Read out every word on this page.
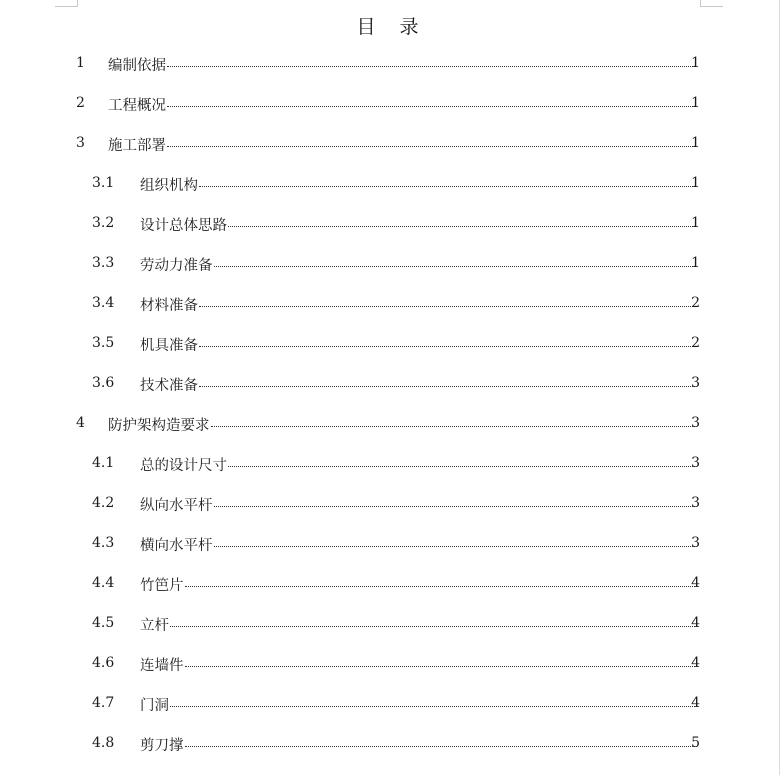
目 录
1 编制依据	1
2 工程概况	1
3 施工部署	1
3.1 组织机构	1
3.2 设计总体思路	1
3.3 劳动力准备	1
3.4 材料准备	2
3.5 机具准备	2
3.6 技术准备	3
4 防护架构造要求	3
4.1 总的设计尺寸	3
4.2 纵向水平杆	3
4.3 横向水平杆	3
4.4 竹笆片	4
4.5 立杆	4
4.6 连墙件	4
4.7 门洞	4
4.8 剪刀撑	5
